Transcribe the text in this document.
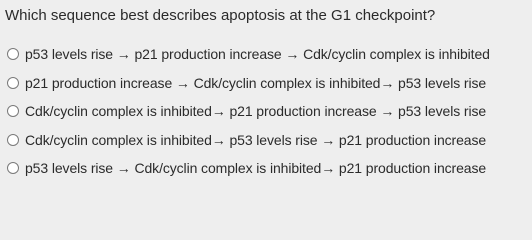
Which sequence best describes apoptosis at the G1 checkpoint?
p53 levels rise → p21 production increase → Cdk/cyclin complex is inhibited
p21 production increase → Cdk/cyclin complex is inhibited→ p53 levels rise
Cdk/cyclin complex is inhibited→ p21 production increase → p53 levels rise
Cdk/cyclin complex is inhibited→ p53 levels rise → p21 production increase
p53 levels rise → Cdk/cyclin complex is inhibited→ p21 production increase
